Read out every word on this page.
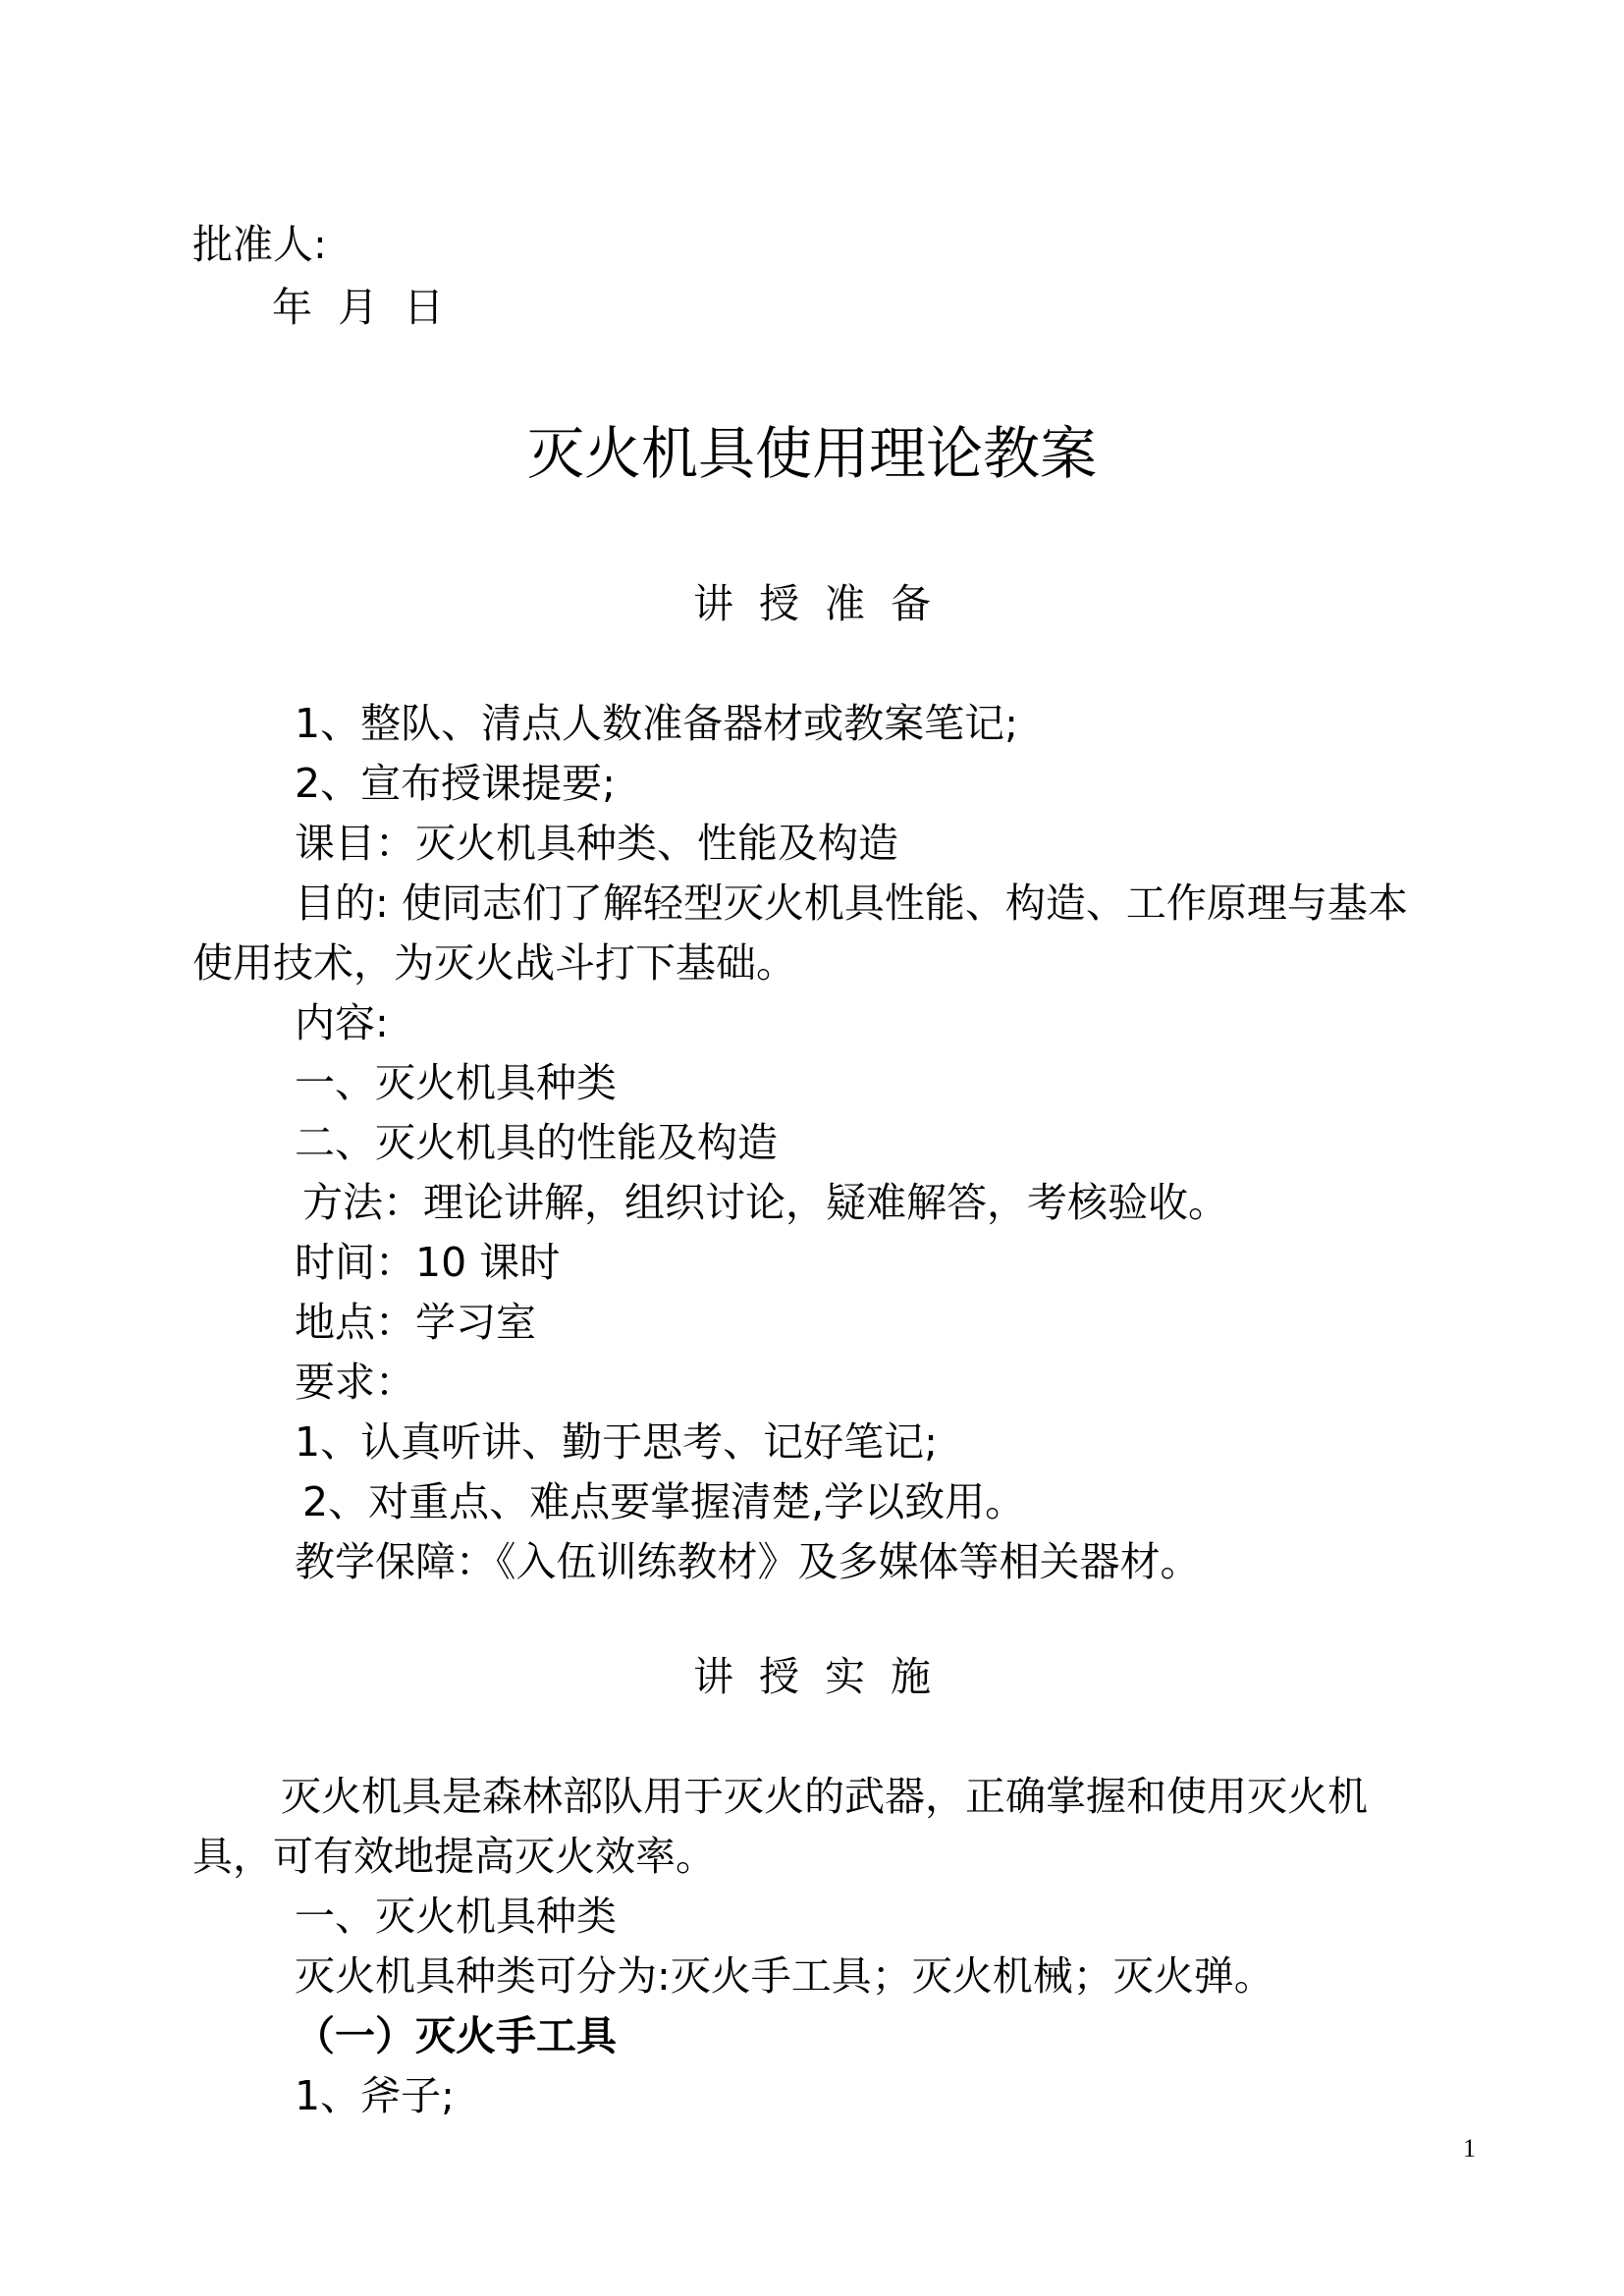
批准人:
年  月  日
灭火机具使用理论教案
讲授准备
1、整队、清点人数准备器材或教案笔记;
2、宣布授课提要;
课目：灭火机具种类、性能及构造
目的: 使同志们了解轻型灭火机具性能、构造、工作原理与基本
使用技术，为灭火战斗打下基础。
内容:
一、灭火机具种类
二、灭火机具的性能及构造
方法：理论讲解，组织讨论，疑难解答，考核验收。
时间：10 课时
地点：学习室
要求：
1、认真听讲、勤于思考、记好笔记;
2、对重点、难点要掌握清楚,学以致用。
教学保障：《入伍训练教材》及多媒体等相关器材。
讲授实施
灭火机具是森林部队用于灭火的武器，正确掌握和使用灭火机
具，可有效地提高灭火效率。
一、灭火机具种类
灭火机具种类可分为:灭火手工具；灭火机械；灭火弹。
（一）灭火手工具
1、斧子;
1
